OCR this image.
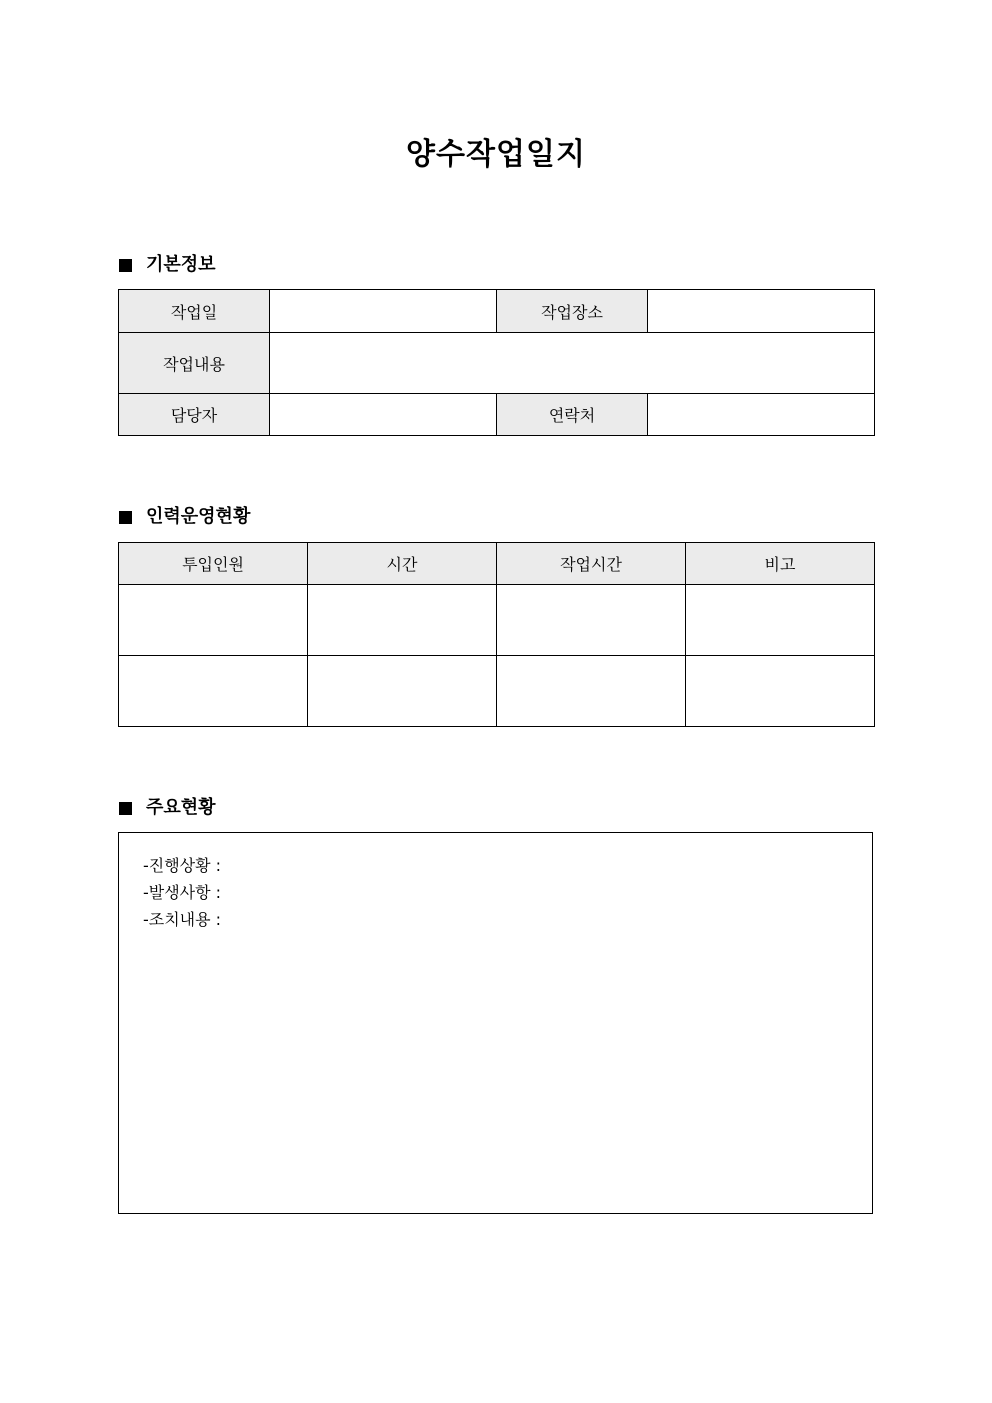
양수작업일지
기본정보
작업일		작업장소	
작업내용			
담당자		연락처	
인력운영현황
투입인원	시간	작업시간	비고

주요현황
-진행상황 :
-발생사항 :
-조치내용 :
